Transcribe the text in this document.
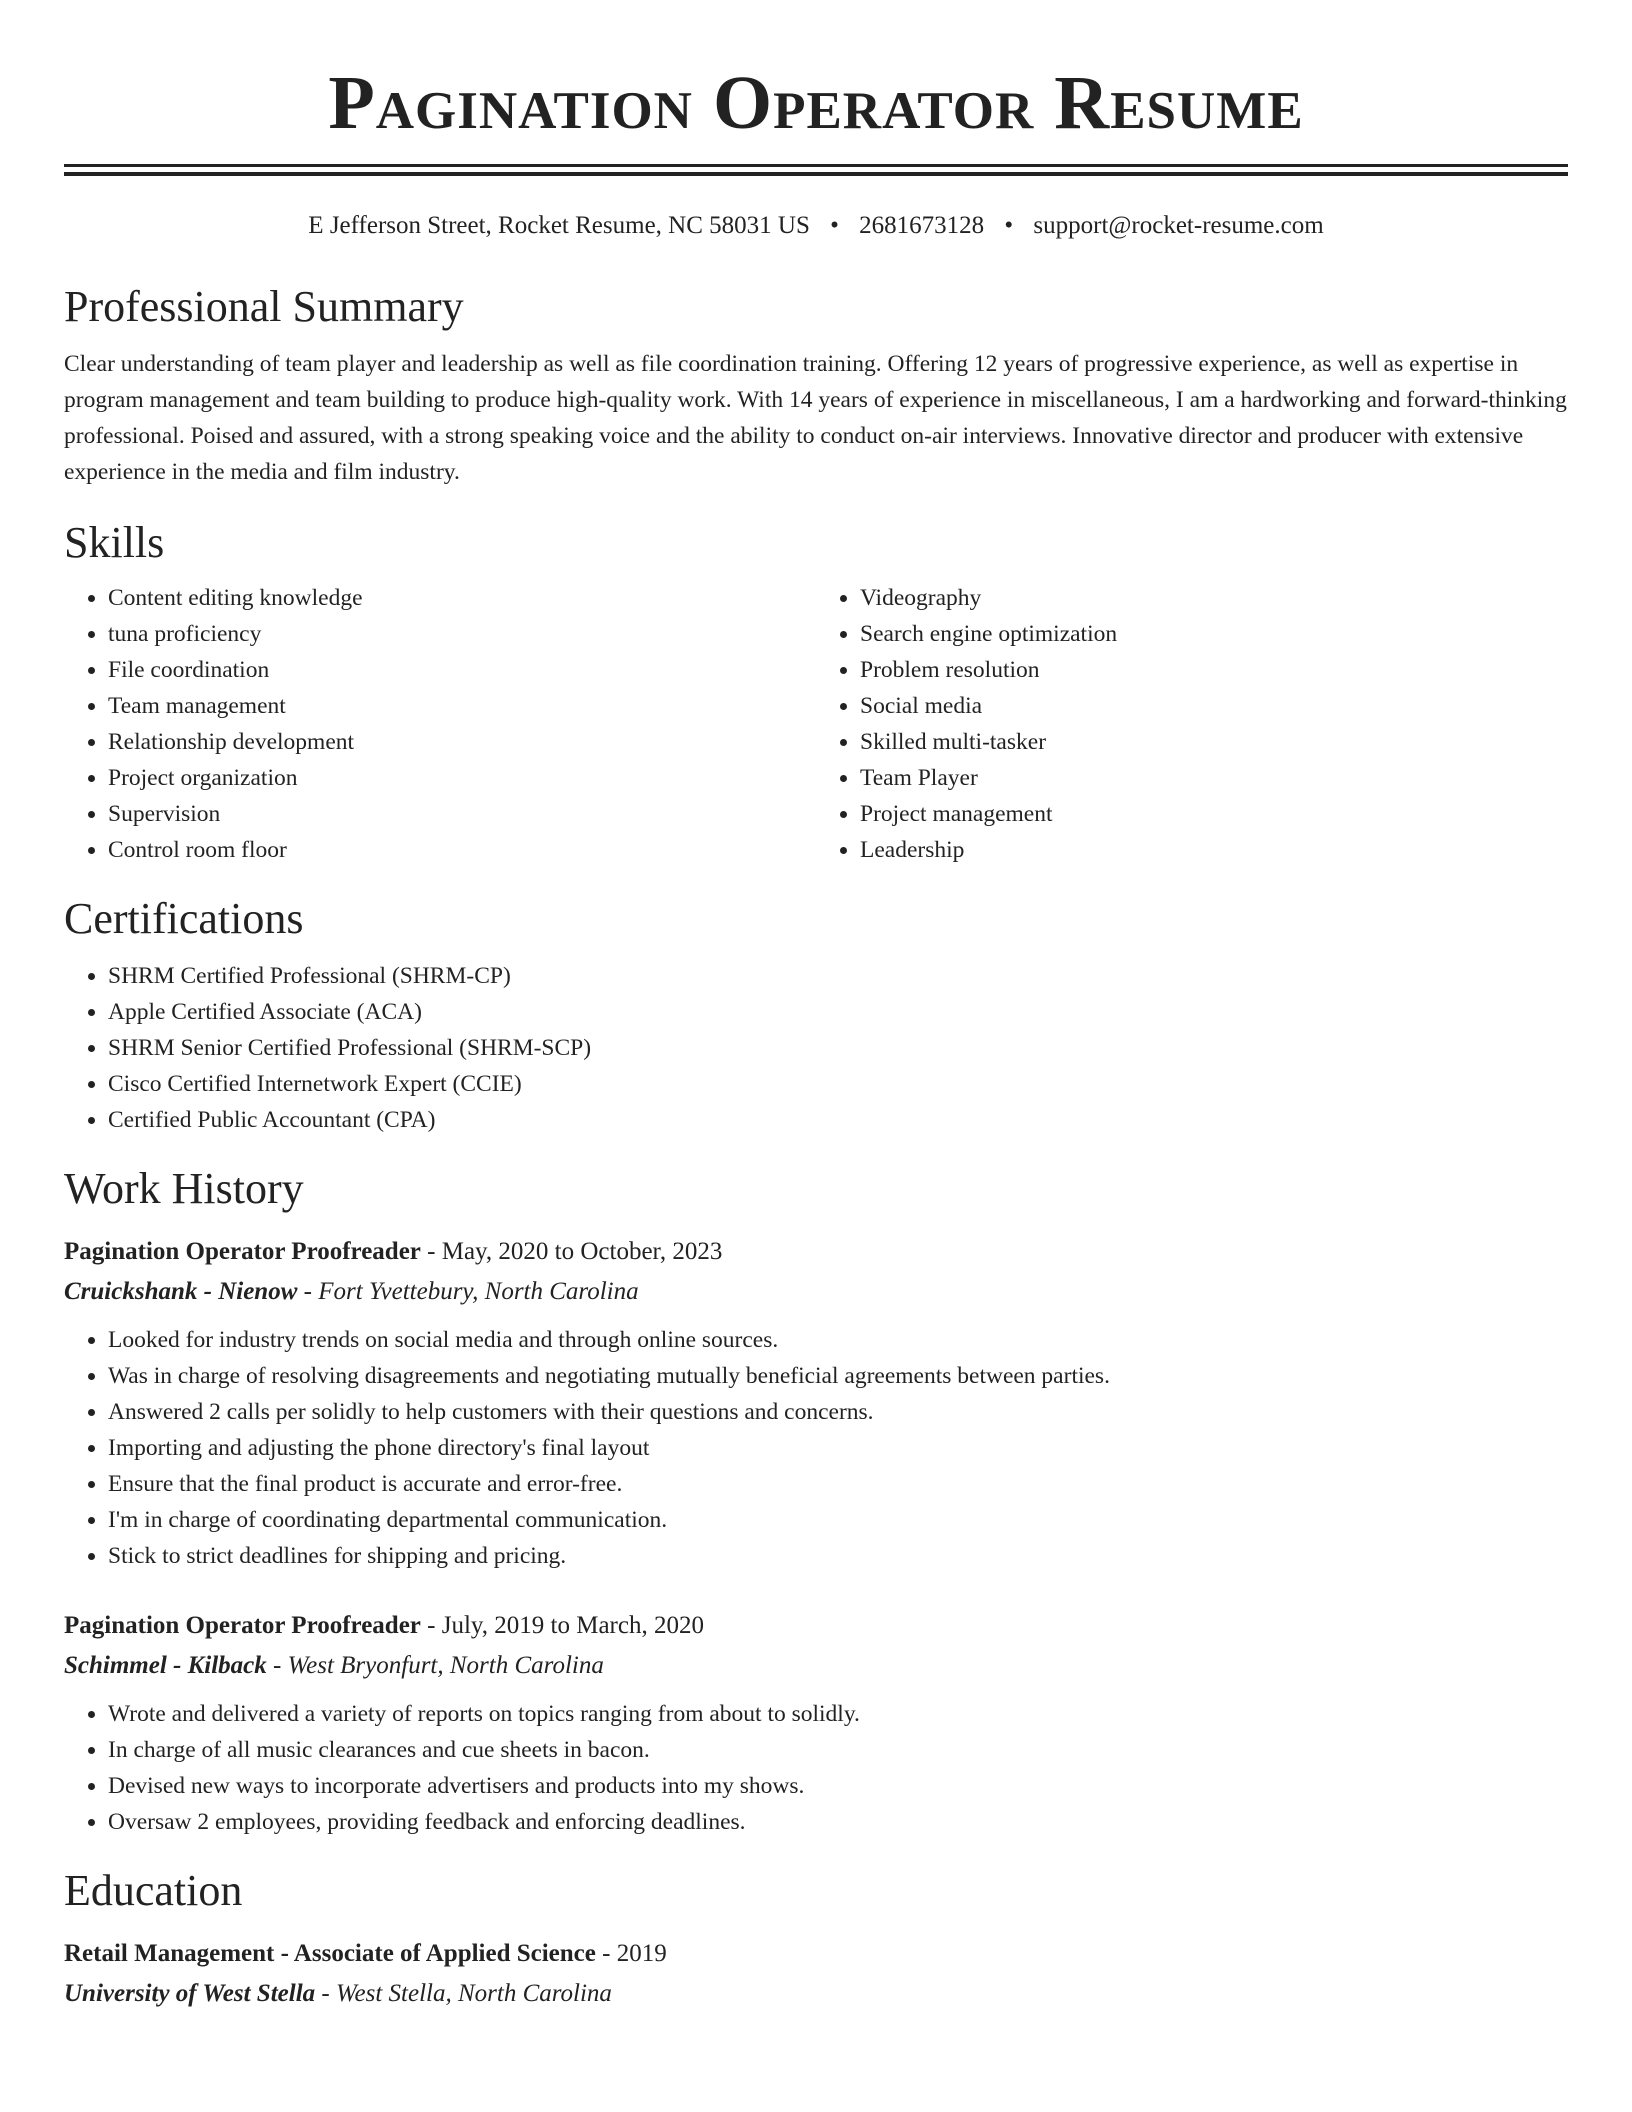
Pagination Operator Resume
E Jefferson Street, Rocket Resume, NC 58031 US • 2681673128 • support@rocket-resume.com
Professional Summary
Clear understanding of team player and leadership as well as file coordination training. Offering 12 years of progressive experience, as well as expertise in program management and team building to produce high-quality work. With 14 years of experience in miscellaneous, I am a hardworking and forward-thinking professional. Poised and assured, with a strong speaking voice and the ability to conduct on-air interviews. Innovative director and producer with extensive experience in the media and film industry.
Skills
• Content editing knowledge
• tuna proficiency
• File coordination
• Team management
• Relationship development
• Project organization
• Supervision
• Control room floor
• Videography
• Search engine optimization
• Problem resolution
• Social media
• Skilled multi-tasker
• Team Player
• Project management
• Leadership
Certifications
• SHRM Certified Professional (SHRM-CP)
• Apple Certified Associate (ACA)
• SHRM Senior Certified Professional (SHRM-SCP)
• Cisco Certified Internetwork Expert (CCIE)
• Certified Public Accountant (CPA)
Work History
Pagination Operator Proofreader - May, 2020 to October, 2023
Cruickshank - Nienow - Fort Yvettebury, North Carolina
• Looked for industry trends on social media and through online sources.
• Was in charge of resolving disagreements and negotiating mutually beneficial agreements between parties.
• Answered 2 calls per solidly to help customers with their questions and concerns.
• Importing and adjusting the phone directory's final layout
• Ensure that the final product is accurate and error-free.
• I'm in charge of coordinating departmental communication.
• Stick to strict deadlines for shipping and pricing.
Pagination Operator Proofreader - July, 2019 to March, 2020
Schimmel - Kilback - West Bryonfurt, North Carolina
• Wrote and delivered a variety of reports on topics ranging from about to solidly.
• In charge of all music clearances and cue sheets in bacon.
• Devised new ways to incorporate advertisers and products into my shows.
• Oversaw 2 employees, providing feedback and enforcing deadlines.
Education
Retail Management - Associate of Applied Science - 2019
University of West Stella - West Stella, North Carolina
